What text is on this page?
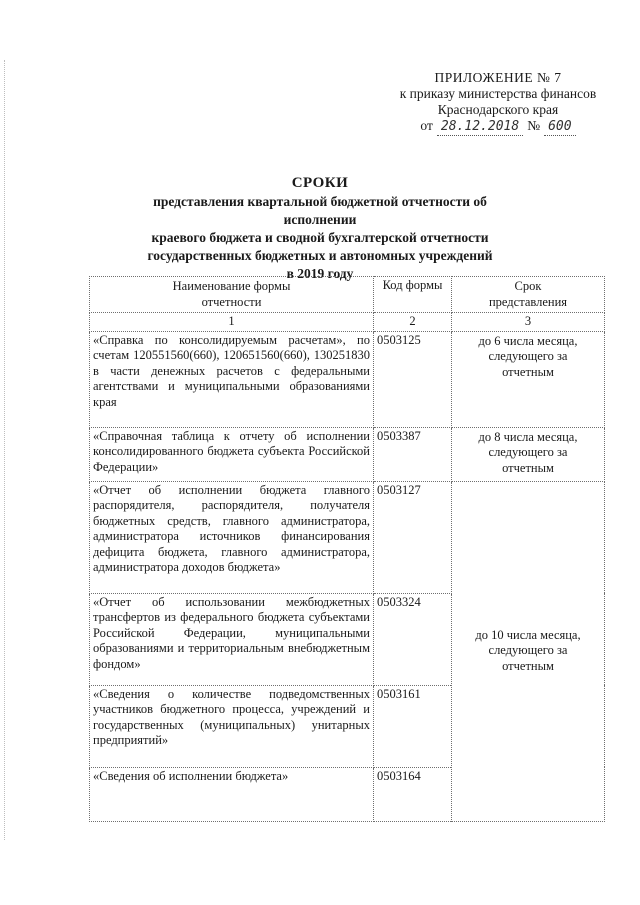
ПРИЛОЖЕНИЕ № 7
к приказу министерства финансов
Краснодарского края
от 28.12.2018 № 600
СРОКИ
представления квартальной бюджетной отчетности об исполнении
краевого бюджета и сводной бухгалтерской отчетности
государственных бюджетных и автономных учреждений
в 2019 году
Наименование формы отчетности	Код формы	Срок представления
1	2	3
«Справка по консолидируемым расчетам», по счетам 120551560(660), 120651560(660), 130251830 в части денежных расчетов с федеральными агентствами и муниципальными образованиями края	0503125	до 6 числа месяца, следующего за отчетным
«Справочная таблица к отчету об исполнении консолидированного бюджета субъекта Российской Федерации»	0503387	до 8 числа месяца, следующего за отчетным
«Отчет об исполнении бюджета главного распорядителя, распорядителя, получателя бюджетных средств, главного администратора, администратора источников финансирования дефицита бюджета, главного администратора, администратора доходов бюджета»	0503127	до 10 числа месяца, следующего за отчетным
«Отчет об использовании межбюджетных трансфертов из федерального бюджета субъектами Российской Федерации, муниципальными образованиями и территориальным внебюджетным фондом»	0503324	
«Сведения о количестве подведомственных участников бюджетного процесса, учреждений и государственных (муниципальных) унитарных предприятий»	0503161	
«Сведения об исполнении бюджета»	0503164	
